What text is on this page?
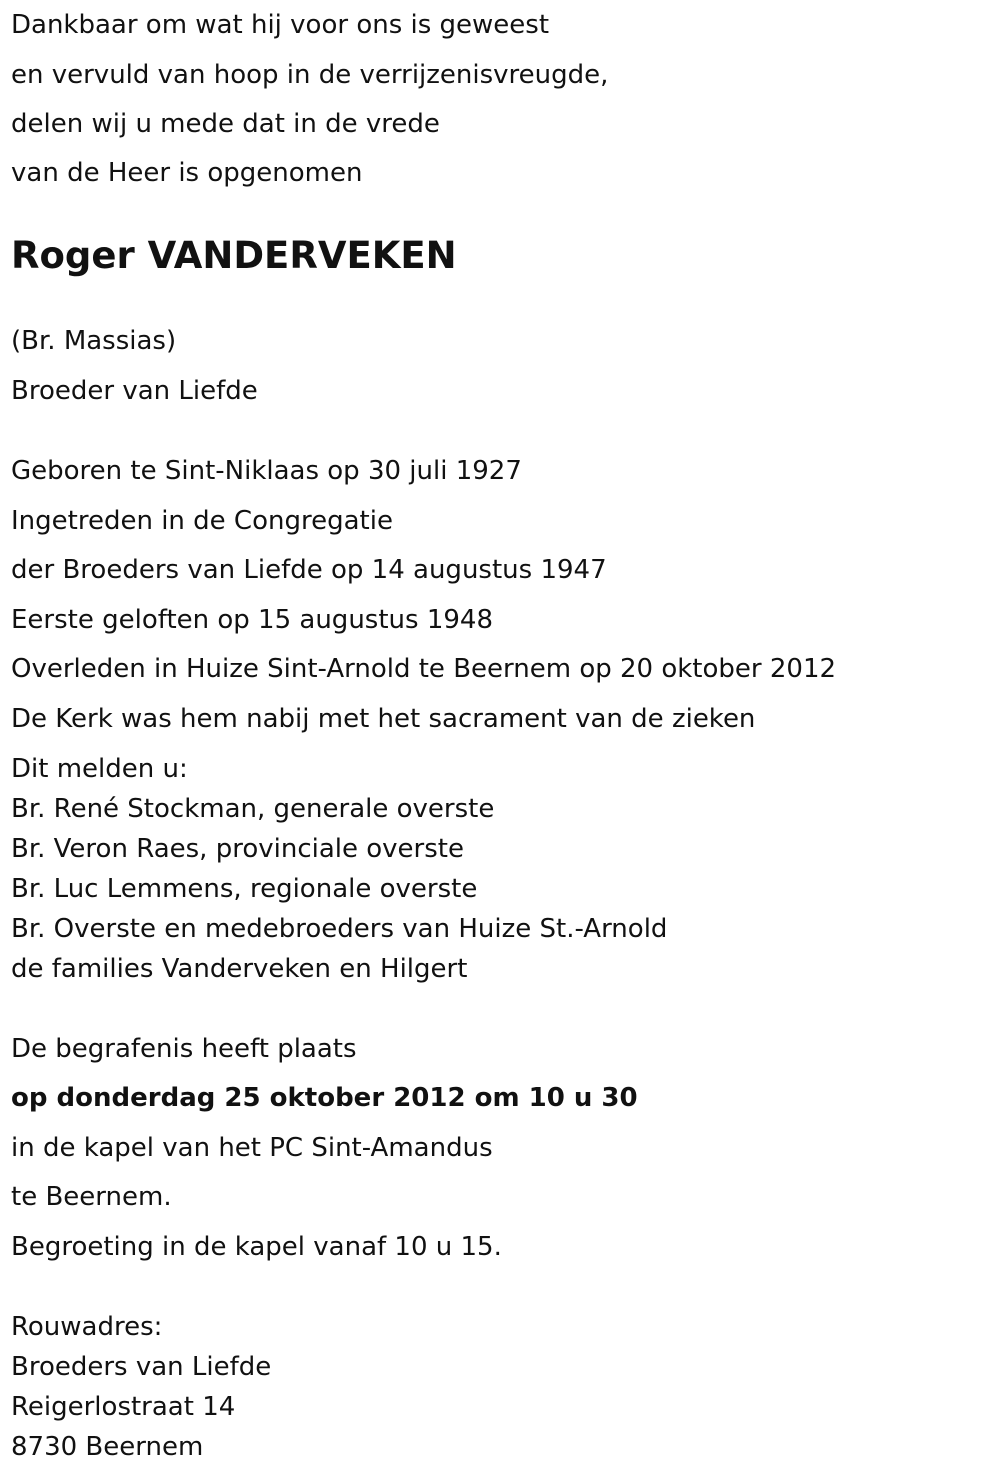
Dankbaar om wat hij voor ons is geweest

en vervuld van hoop in de verrijzenisvreugde,

delen wij u mede dat in de vrede

van de Heer is opgenomen

Roger VANDERVEKEN

(Br. Massias)

Broeder van Liefde

Geboren te Sint-Niklaas op 30 juli 1927

Ingetreden in de Congregatie

der Broeders van Liefde op 14 augustus 1947

Eerste geloften op 15 augustus 1948

Overleden in Huize Sint-Arnold te Beernem op 20 oktober 2012

De Kerk was hem nabij met het sacrament van de zieken

Dit melden u:

Br. René Stockman, generale overste

Br. Veron Raes, provinciale overste

Br. Luc Lemmens, regionale overste

Br. Overste en medebroeders van Huize St.-Arnold

de families Vanderveken en Hilgert

De begrafenis heeft plaats

op donderdag 25 oktober 2012 om 10 u 30

in de kapel van het PC Sint-Amandus

te Beernem.

Begroeting in de kapel vanaf 10 u 15.

Rouwadres:

Broeders van Liefde

Reigerlostraat 14

8730 Beernem
